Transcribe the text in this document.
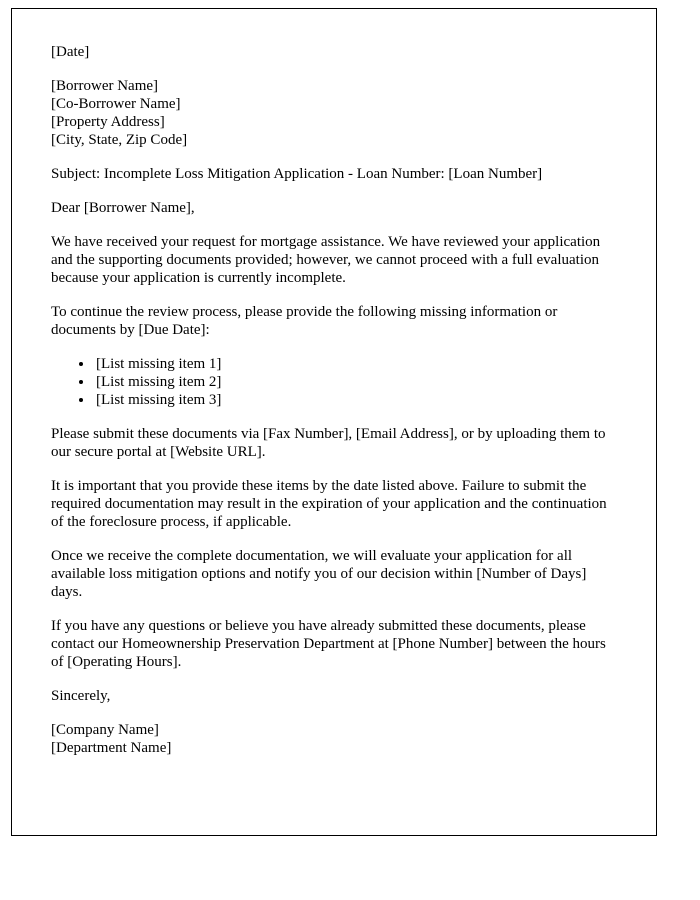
[Date]

[Borrower Name]

[Co-Borrower Name]

[Property Address]

[City, State, Zip Code]

Subject: Incomplete Loss Mitigation Application - Loan Number: [Loan Number]

Dear [Borrower Name],

We have received your request for mortgage assistance. We have reviewed your application and the supporting documents provided; however, we cannot proceed with a full evaluation because your application is currently incomplete.

To continue the review process, please provide the following missing information or documents by [Due Date]:

• [List missing item 1]
• [List missing item 2]
• [List missing item 3]

Please submit these documents via [Fax Number], [Email Address], or by uploading them to our secure portal at [Website URL].

It is important that you provide these items by the date listed above. Failure to submit the required documentation may result in the expiration of your application and the continuation of the foreclosure process, if applicable.

Once we receive the complete documentation, we will evaluate your application for all available loss mitigation options and notify you of our decision within [Number of Days] days.

If you have any questions or believe you have already submitted these documents, please contact our Homeownership Preservation Department at [Phone Number] between the hours of [Operating Hours].

Sincerely,

[Company Name]

[Department Name]
